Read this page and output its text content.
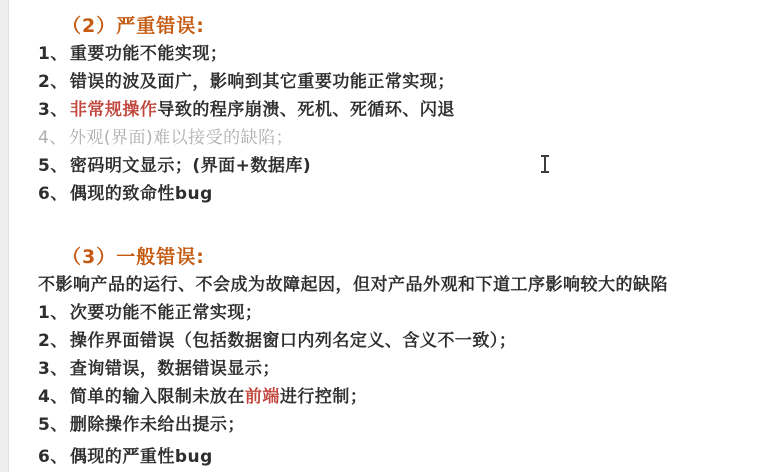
（2）严重错误:
1、 重要功能不能实现；
2、 错误的波及面广，影响到其它重要功能正常实现；
3、 非常规操作导致的程序崩溃、死机、死循环、闪退
4、 外观(界面)难以接受的缺陷；
5、 密码明文显示；(界面+数据库)
6、 偶现的致命性bug
（3）一般错误:

不影响产品的运行、不会成为故障起因，但对产品外观和下道工序影响较大的缺陷

1、 次要功能不能正常实现；
2、 操作界面错误（包括数据窗口内列名定义、含义不一致）；
3、 查询错误，数据错误显示；
4、 简单的输入限制未放在前端进行控制；
5、 删除操作未给出提示；
6、 偶现的严重性bug
